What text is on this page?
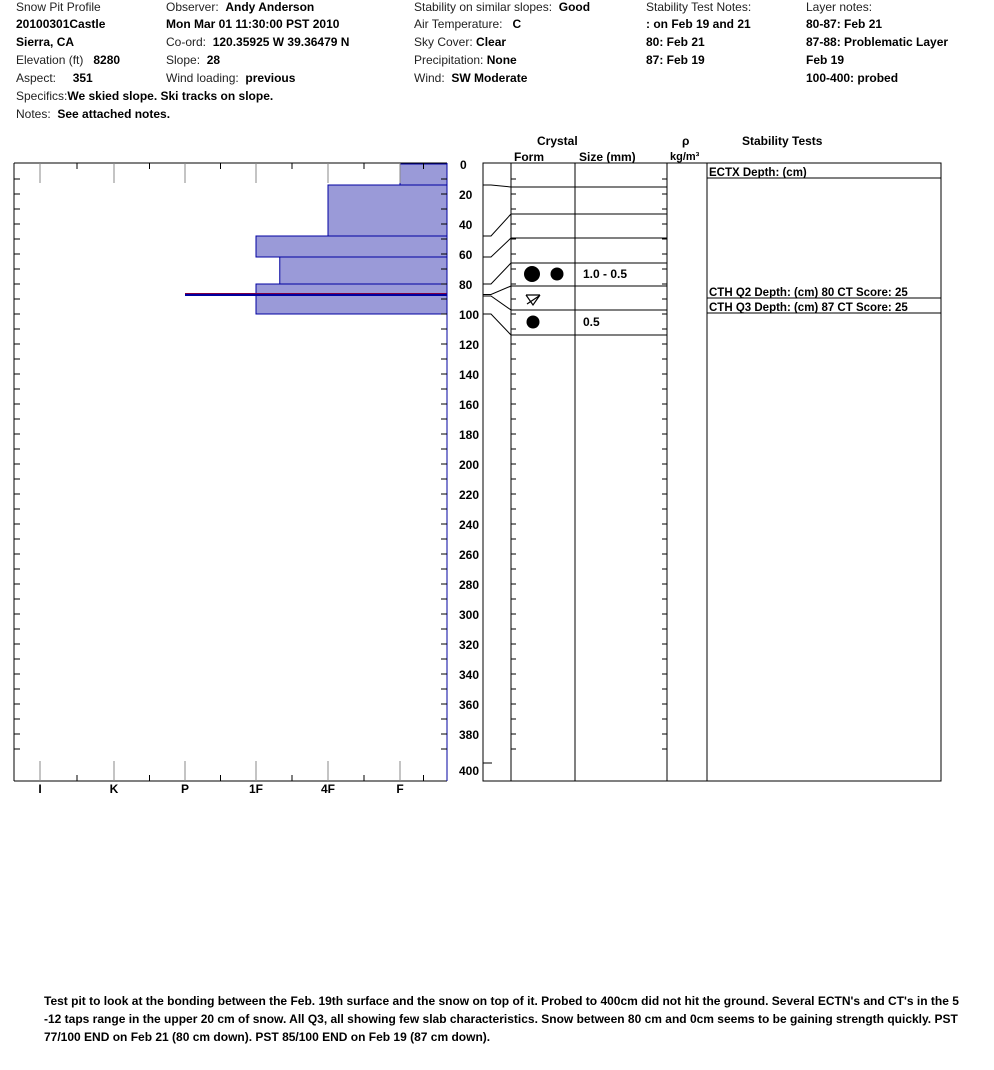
Snow Pit Profile
20100301Castle
Sierra, CA
Elevation (ft) 8280
Aspect: 351
Observer: Andy Anderson
Mon Mar 01 11:30:00 PST 2010
Co-ord: 120.35925 W 39.36479 N
Slope: 28
Wind loading: previous
Specifics:We skied slope. Ski tracks on slope.
Notes: See attached notes.
Stability on similar slopes: Good
Air Temperature: C
Sky Cover: Clear
Precipitation: None
Wind: SW Moderate
Stability Test Notes:
: on Feb 19 and 21
80: Feb 21
87: Feb 19
Layer notes:
80-87: Feb 21
87-88: Problematic Layer
Feb 19
100-400: probed
Crystal
Form	Size (mm)
ρ
kg/m³
Stability Tests
I	K	P	1F	4F	F
0
20
40
60
80
100
120
140
160
180
200
220
240
260
280
300
320
340
360
380
400
1.0 - 0.5
0.5
ECTX Depth: (cm)
CTH Q2 Depth: (cm) 80 CT Score: 25
CTH Q3 Depth: (cm) 87 CT Score: 25
Test pit to look at the bonding between the Feb. 19th surface and the snow on top of it. Probed to 400cm did not hit the ground. Several ECTN's and CT's in the 5 -12 taps range in the upper 20 cm of snow. All Q3, all showing few slab characteristics. Snow between 80 cm and 0cm seems to be gaining strength quickly. PST 77/100 END on Feb 21 (80 cm down). PST 85/100 END on Feb 19 (87 cm down).
